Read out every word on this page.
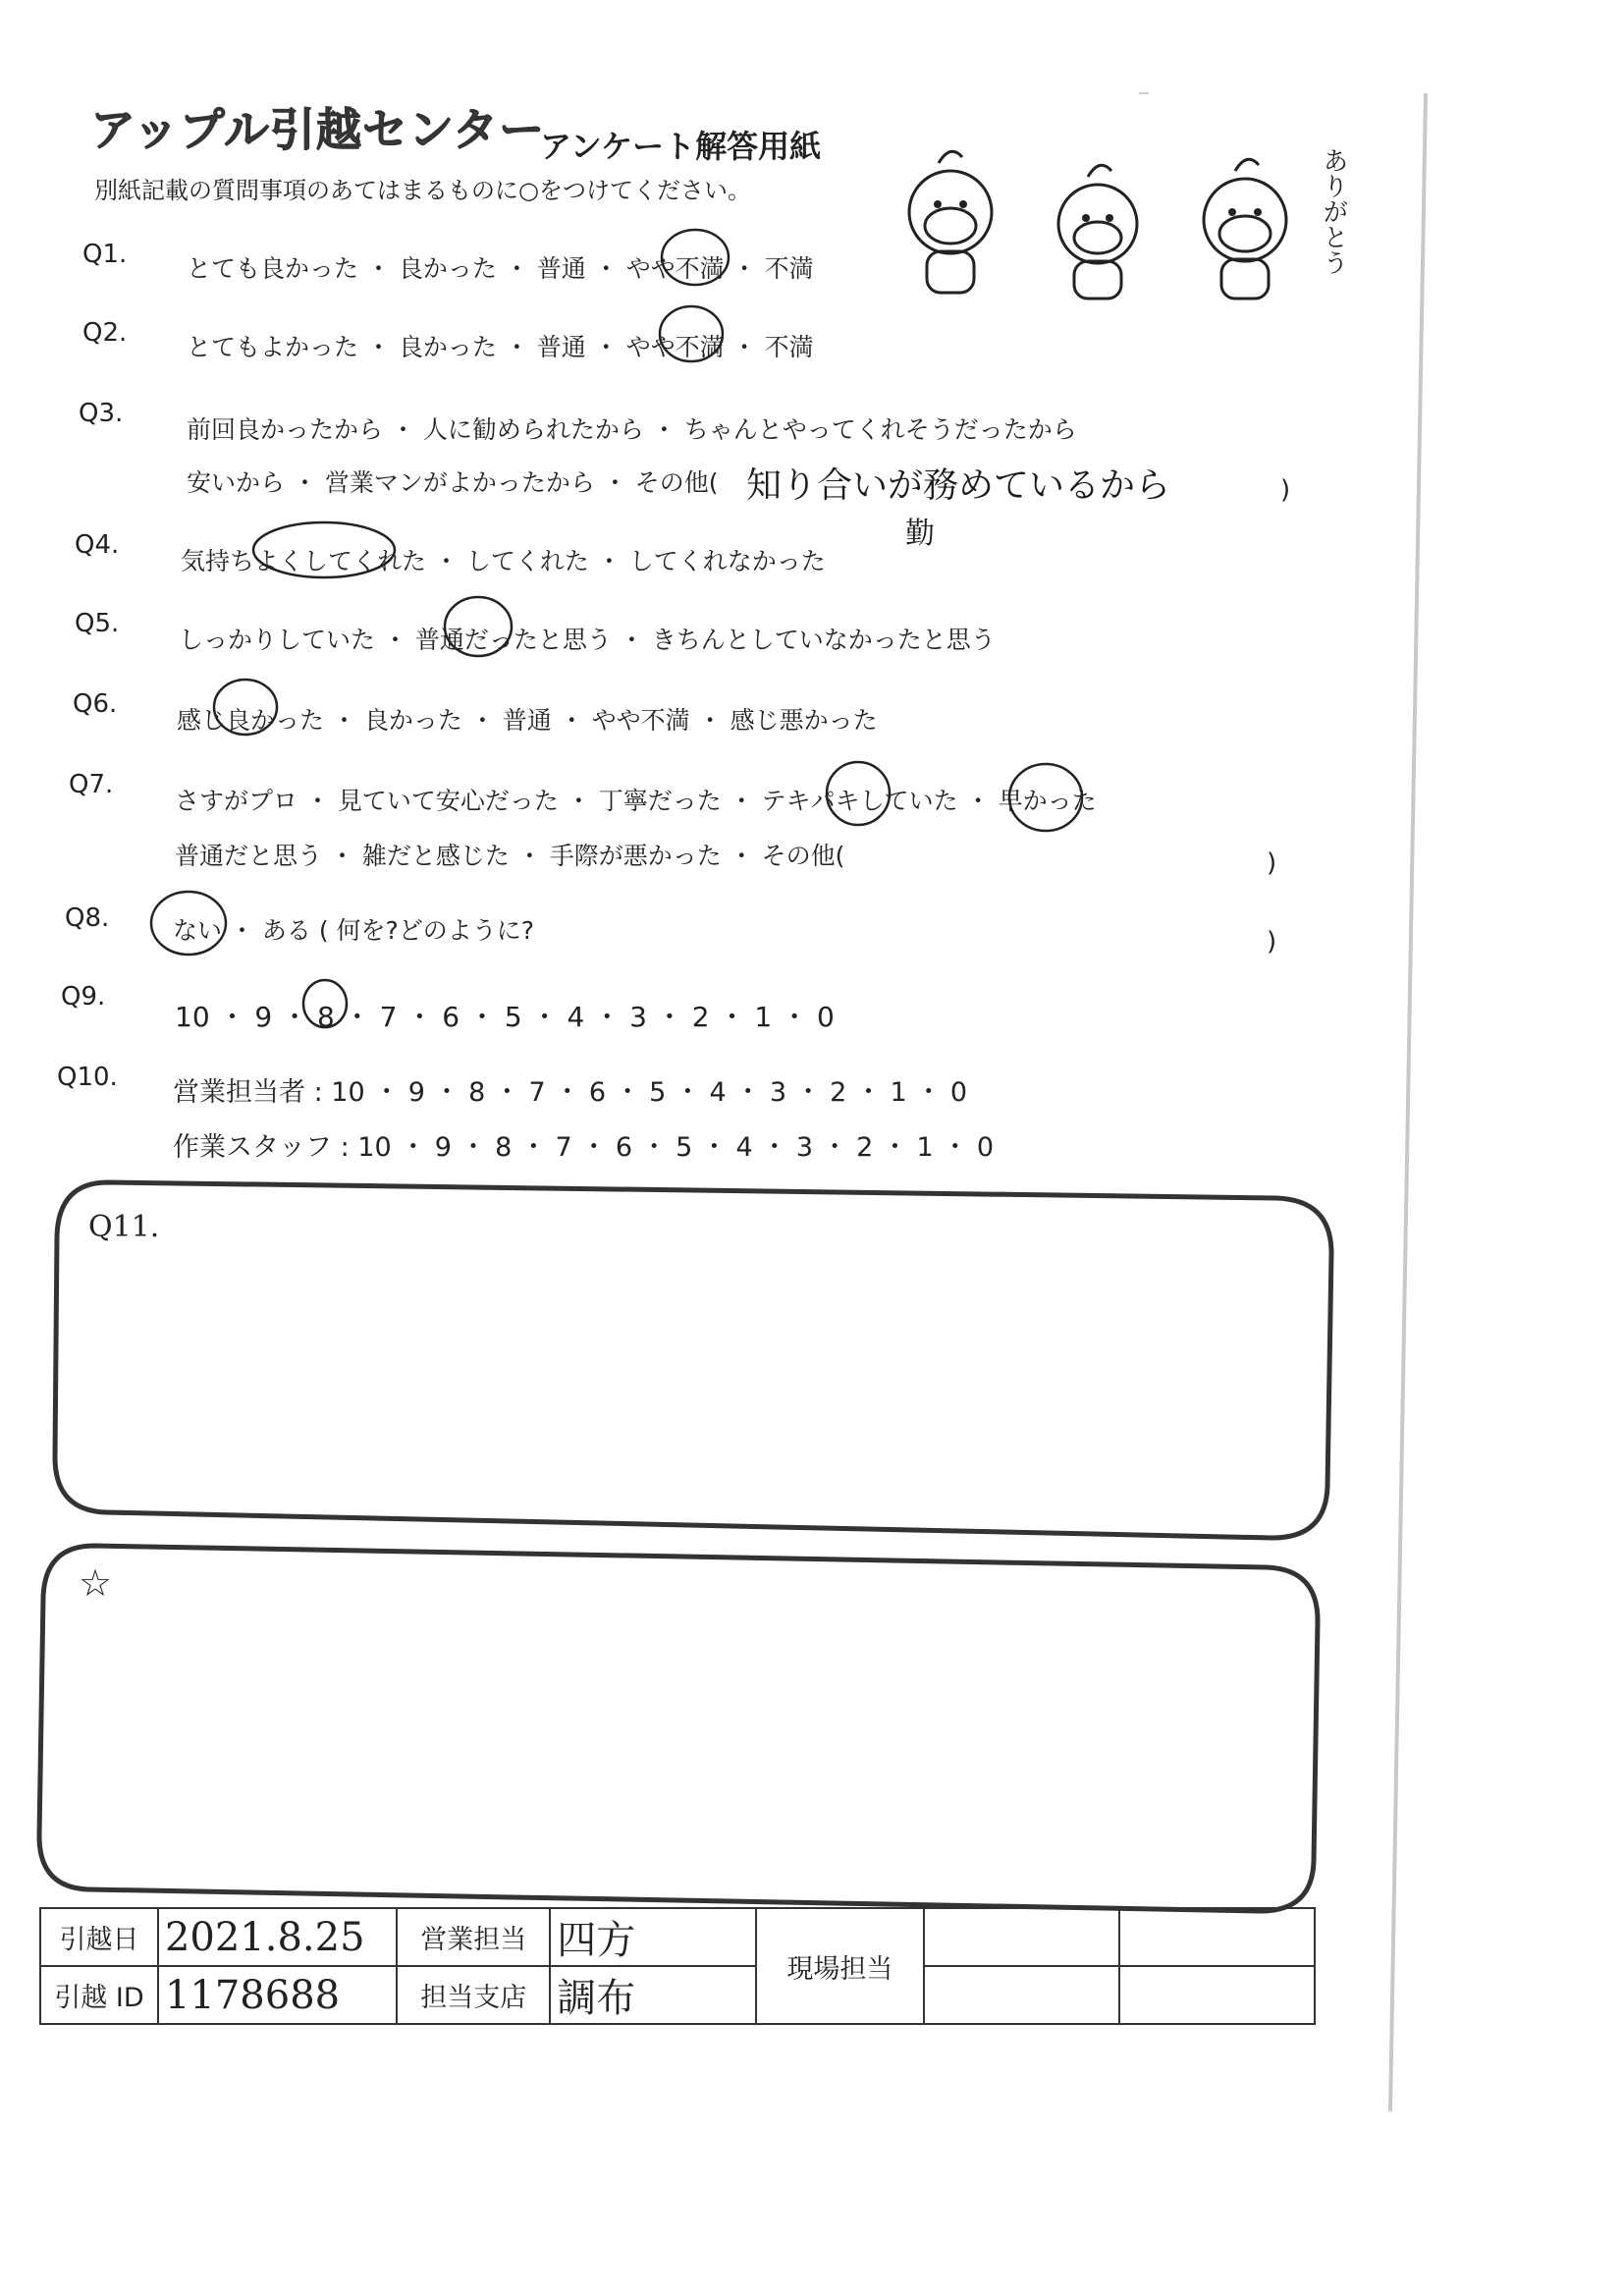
アップル引越センター
アンケート解答用紙
別紙記載の質問事項のあてはまるものに○をつけてください。	ありがとう
Q1. とても良かった ・ 良かった ・ 普通 ・ やや不満 ・ 不満
Q2. とてもよかった ・ 良かった ・ 普通 ・ やや不満 ・ 不満
Q3.
前回良かったから ・ 人に勧められたから ・ ちゃんとやってくれそうだったから
安いから ・ 営業マンがよかったから ・ その他( 知り合いが務めているから
勤
)
Q4.
気持ちよくしてくれた ・ してくれた ・ してくれなかった
Q5.
しっかりしていた ・ 普通だったと思う ・ きちんとしていなかったと思う
Q6.
感じ良かった ・ 良かった ・ 普通 ・ やや不満 ・ 感じ悪かった
Q7.
さすがプロ ・ 見ていて安心だった ・ 丁寧だった ・ テキパキしていた ・ 早かった
普通だと思う ・ 雑だと感じた ・ 手際が悪かった ・ その他(	)
Q8.	ない ・ ある ( 何を?どのように?	)
Q9.
10 ・ 9 ・ 8 ・ 7 ・ 6 ・ 5 ・ 4 ・ 3 ・ 2 ・ 1 ・ 0
Q10. 営業担当者 : 10 ・ 9 ・ 8 ・ 7 ・ 6 ・ 5 ・ 4 ・ 3 ・ 2 ・ 1 ・ 0
作業スタッフ : 10 ・ 9 ・ 8 ・ 7 ・ 6 ・ 5 ・ 4 ・ 3 ・ 2 ・ 1 ・ 0
Q11.
☆
引越日	2021.8.25	営業担当	四方	現場担当		
引越 ID	1178688	担当支店	調布			
